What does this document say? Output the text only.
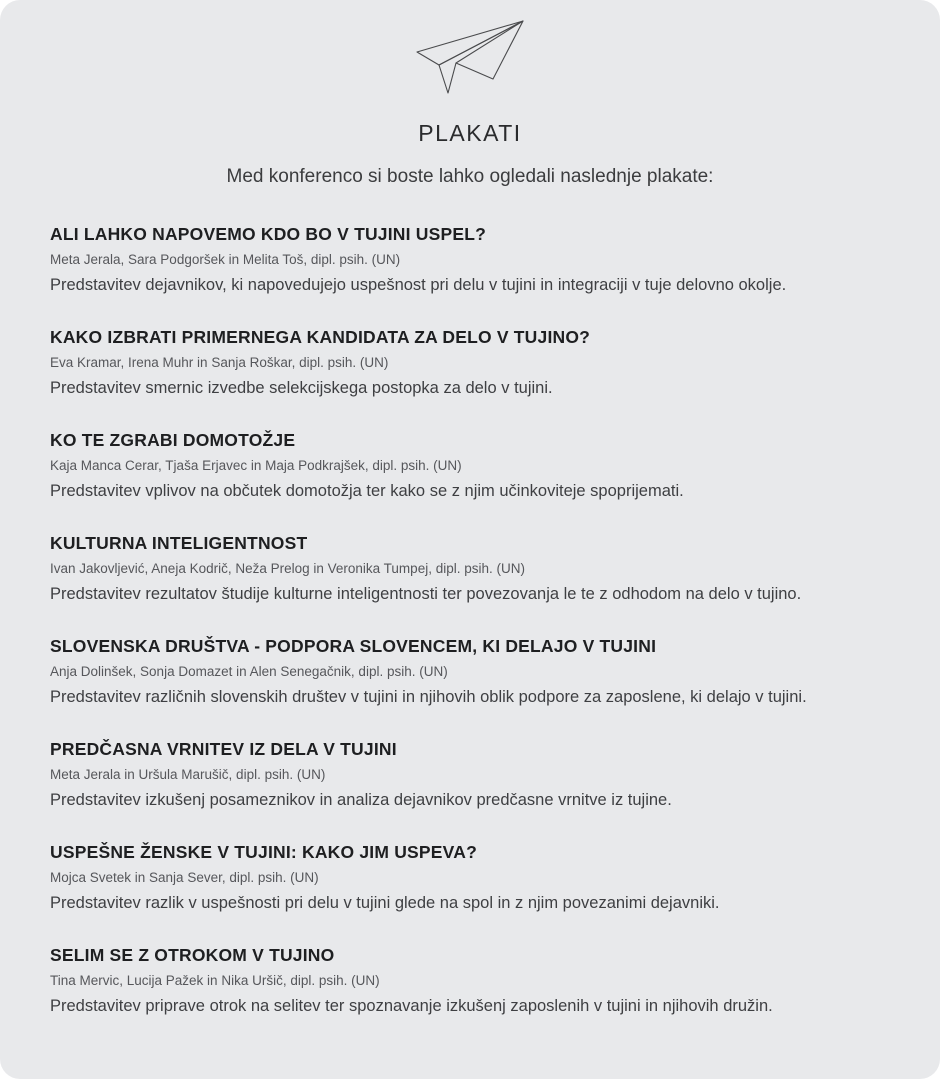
PLAKATI

Med konferenco si boste lahko ogledali naslednje plakate:

ALI LAHKO NAPOVEMO KDO BO V TUJINI USPEL?

Meta Jerala, Sara Podgoršek in Melita Toš, dipl. psih. (UN)

Predstavitev dejavnikov, ki napovedujejo uspešnost pri delu v tujini in integraciji v tuje delovno okolje.

KAKO IZBRATI PRIMERNEGA KANDIDATA ZA DELO V TUJINO?

Eva Kramar, Irena Muhr in Sanja Roškar, dipl. psih. (UN)

Predstavitev smernic izvedbe selekcijskega postopka za delo v tujini.

KO TE ZGRABI DOMOTOŽJE

Kaja Manca Cerar, Tjaša Erjavec in Maja Podkrajšek, dipl. psih. (UN)

Predstavitev vplivov na občutek domotožja ter kako se z njim učinkoviteje spoprijemati.

KULTURNA INTELIGENTNOST

Ivan Jakovljević, Aneja Kodrič, Neža Prelog in Veronika Tumpej, dipl. psih. (UN)

Predstavitev rezultatov študije kulturne inteligentnosti ter povezovanja le te z odhodom na delo v tujino.

SLOVENSKA DRUŠTVA - PODPORA SLOVENCEM, KI DELAJO V TUJINI

Anja Dolinšek, Sonja Domazet in Alen Senegačnik, dipl. psih. (UN)

Predstavitev različnih slovenskih društev v tujini in njihovih oblik podpore za zaposlene, ki delajo v tujini.

PREDČASNA VRNITEV IZ DELA V TUJINI

Meta Jerala in Uršula Marušič, dipl. psih. (UN)

Predstavitev izkušenj posameznikov in analiza dejavnikov predčasne vrnitve iz tujine.

USPEŠNE ŽENSKE V TUJINI: KAKO JIM USPEVA?

Mojca Svetek in Sanja Sever, dipl. psih. (UN)

Predstavitev razlik v uspešnosti pri delu v tujini glede na spol in z njim povezanimi dejavniki.

SELIM SE Z OTROKOM V TUJINO

Tina Mervic, Lucija Pažek in Nika Uršič, dipl. psih. (UN)

Predstavitev priprave otrok na selitev ter spoznavanje izkušenj zaposlenih v tujini in njihovih družin.
